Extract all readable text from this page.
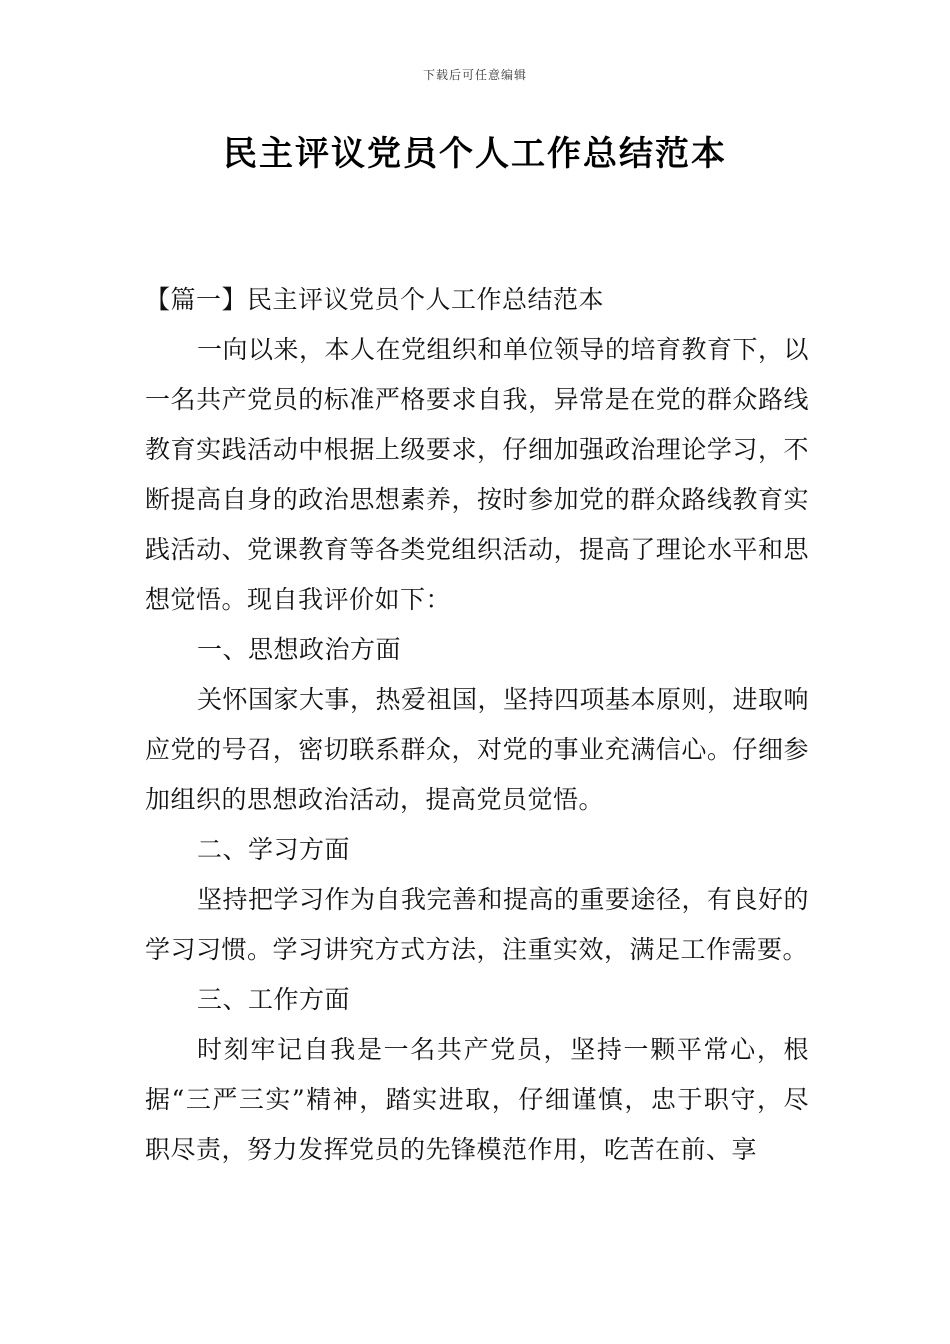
下载后可任意编辑
民主评议党员个人工作总结范本

【篇一】民主评议党员个人工作总结范本

一向以来，本人在党组织和单位领导的培育教育下，以一名共产党员的标准严格要求自我，异常是在党的群众路线教育实践活动中根据上级要求，仔细加强政治理论学习，不断提高自身的政治思想素养，按时参加党的群众路线教育实践活动、党课教育等各类党组织活动，提高了理论水平和思想觉悟。现自我评价如下：

一、思想政治方面

关怀国家大事，热爱祖国，坚持四项基本原则，进取响应党的号召，密切联系群众，对党的事业充满信心。仔细参加组织的思想政治活动，提高党员觉悟。

二、学习方面

坚持把学习作为自我完善和提高的重要途径，有良好的学习习惯。学习讲究方式方法，注重实效，满足工作需要。

三、工作方面

时刻牢记自我是一名共产党员，坚持一颗平常心，根据“三严三实”精神，踏实进取，仔细谨慎，忠于职守，尽职尽责，努力发挥党员的先锋模范作用，吃苦在前、享
